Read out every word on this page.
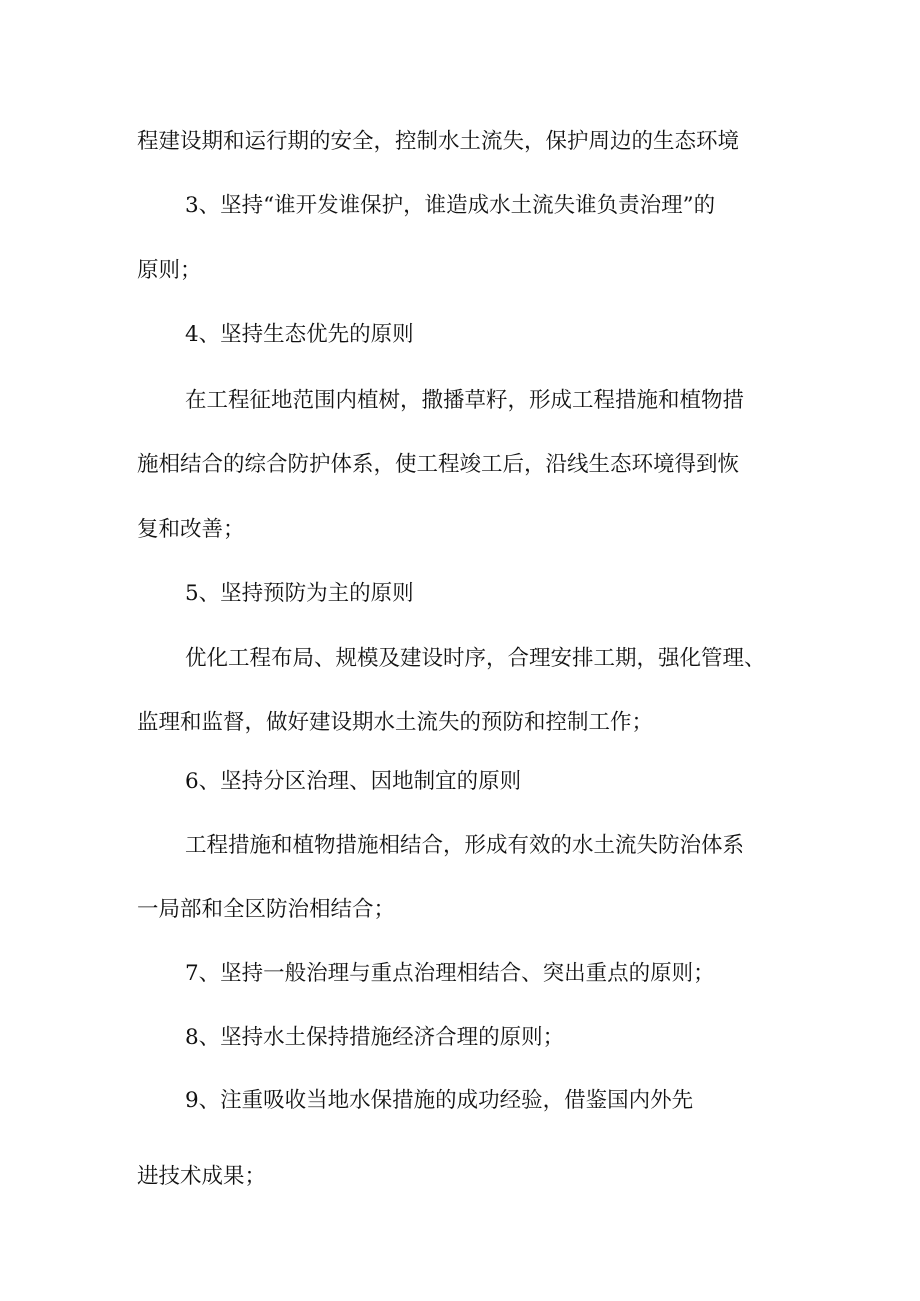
程建设期和运行期的安全，控制水土流失，保护周边的生态环境
3、坚持“谁开发谁保护，谁造成水土流失谁负责治理”的
原则；
4、坚持生态优先的原则
在工程征地范围内植树，撒播草籽，形成工程措施和植物措
施相结合的综合防护体系，使工程竣工后，沿线生态环境得到恢
复和改善；
5、坚持预防为主的原则
优化工程布局、规模及建设时序，合理安排工期，强化管理、
监理和监督，做好建设期水土流失的预防和控制工作；
6、坚持分区治理、因地制宜的原则
工程措施和植物措施相结合，形成有效的水土流失防治体系
一局部和全区防治相结合；
7、坚持一般治理与重点治理相结合、突出重点的原则；
8、坚持水土保持措施经济合理的原则；
9、注重吸收当地水保措施的成功经验，借鉴国内外先
进技术成果；
